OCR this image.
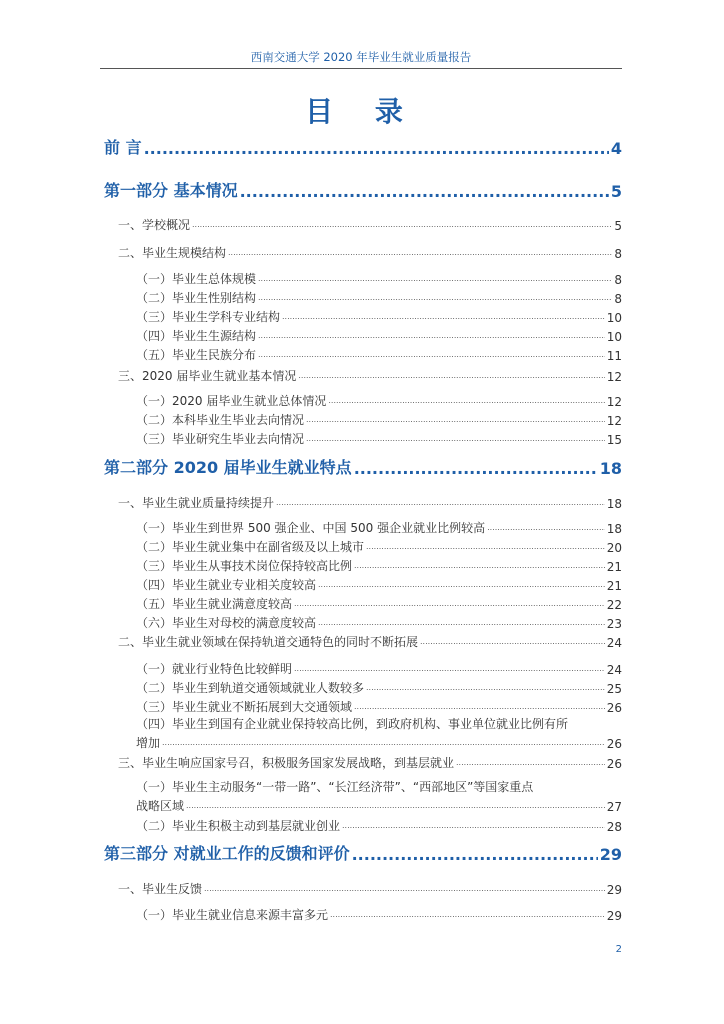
西南交通大学 2020 年毕业生就业质量报告
目 录
前 言 .....	4
第一部分 基本情况 .....	5
一、学校概况 .....	5
二、毕业生规模结构 .....	8
（一）毕业生总体规模 .....	8
（二）毕业生性别结构 .....	8
（三）毕业生学科专业结构 .....	10
（四）毕业生生源结构 .....	10
（五）毕业生民族分布 .....	11
三、2020 届毕业生就业基本情况 .....	12
（一）2020 届毕业生就业总体情况 .....	12
（二）本科毕业生毕业去向情况 .....	12
（三）毕业研究生毕业去向情况 .....	15
第二部分 2020 届毕业生就业特点 .....	18
一、毕业生就业质量持续提升 .....	18
（一）毕业生到世界 500 强企业、中国 500 强企业就业比例较高 .....	18
（二）毕业生就业集中在副省级及以上城市 .....	20
（三）毕业生从事技术岗位保持较高比例 .....	21
（四）毕业生就业专业相关度较高 .....	21
（五）毕业生就业满意度较高 .....	22
（六）毕业生对母校的满意度较高 .....	23
二、毕业生就业领域在保持轨道交通特色的同时不断拓展 .....	24
（一）就业行业特色比较鲜明 .....	24
（二）毕业生到轨道交通领域就业人数较多 .....	25
（三）毕业生就业不断拓展到大交通领域 .....	26
（四）毕业生到国有企业就业保持较高比例，到政府机构、事业单位就业比例有所
增加 .....	26
三、毕业生响应国家号召，积极服务国家发展战略，到基层就业 .....	26
（一）毕业生主动服务“一带一路”、“长江经济带”、“西部地区”等国家重点
战略区域 .....	27
（二）毕业生积极主动到基层就业创业 .....	28
第三部分 对就业工作的反馈和评价 .....	29
一、毕业生反馈 .....	29
（一）毕业生就业信息来源丰富多元 .....	29
2
